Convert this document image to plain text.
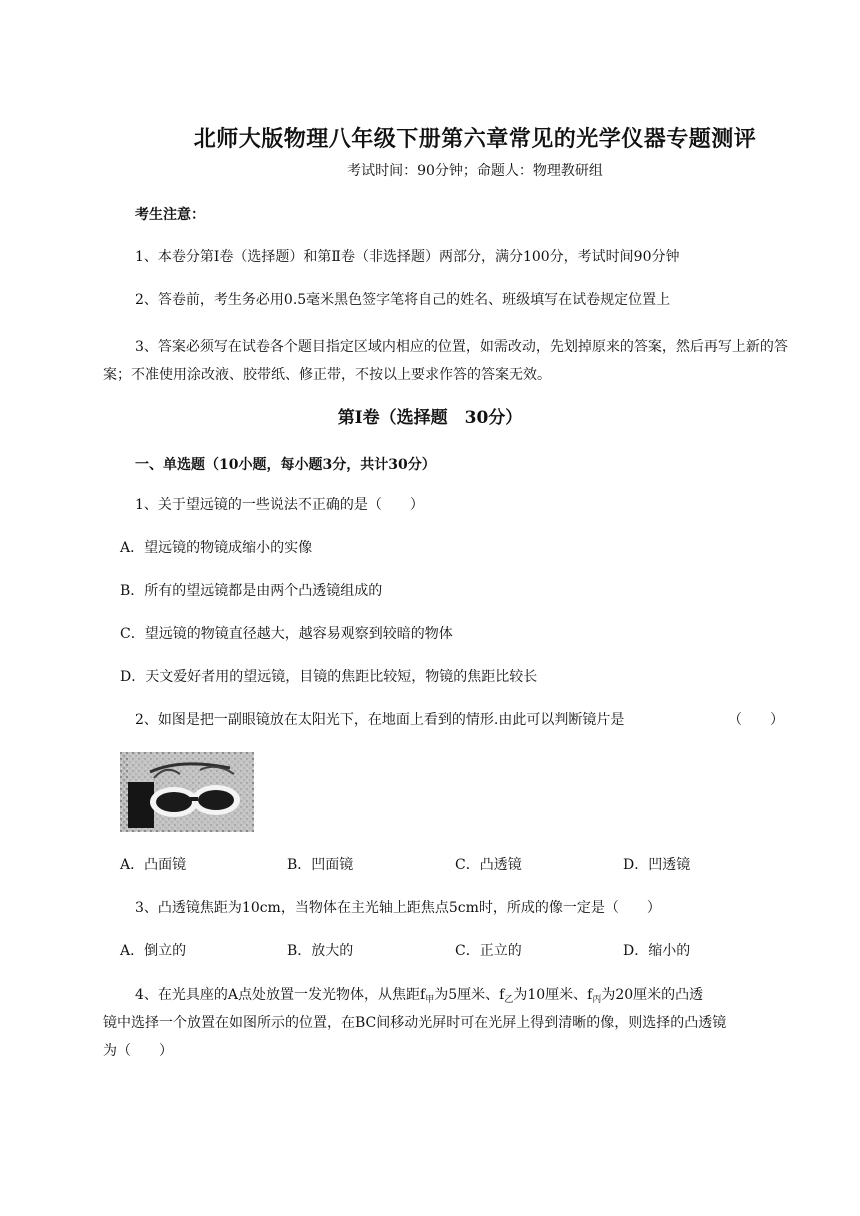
北师大版物理八年级下册第六章常见的光学仪器专题测评
考试时间：90分钟；命题人：物理教研组
考生注意：
1、本卷分第Ⅰ卷（选择题）和第Ⅱ卷（非选择题）两部分，满分100分，考试时间90分钟
2、答卷前，考生务必用0.5毫米黑色签字笔将自己的姓名、班级填写在试卷规定位置上
3、答案必须写在试卷各个题目指定区域内相应的位置，如需改动，先划掉原来的答案，然后再写上新的答案；不准使用涂改液、胶带纸、修正带，不按以上要求作答的答案无效。
第Ⅰ卷（选择题　30分）
一、单选题（10小题，每小题3分，共计30分）
1、关于望远镜的一些说法不正确的是（　　）
A．望远镜的物镜成缩小的实像
B．所有的望远镜都是由两个凸透镜组成的
C．望远镜的物镜直径越大，越容易观察到较暗的物体
D．天文爱好者用的望远镜，目镜的焦距比较短，物镜的焦距比较长
2、如图是把一副眼镜放在太阳光下，在地面上看到的情形.由此可以判断镜片是	（　　）
A．凸面镜	B．凹面镜	C．凸透镜	D．凹透镜
3、凸透镜焦距为10cm，当物体在主光轴上距焦点5cm时，所成的像一定是（　　）
A．倒立的	B．放大的	C．正立的	D．缩小的
4、在光具座的A点处放置一发光物体，从焦距$f_甲$为5厘米、$f_乙$为10厘米、$f_丙$为20厘米的凸透
镜中选择一个放置在如图所示的位置，在BC间移动光屏时可在光屏上得到清晰的像，则选择的凸透镜
为（　　）
